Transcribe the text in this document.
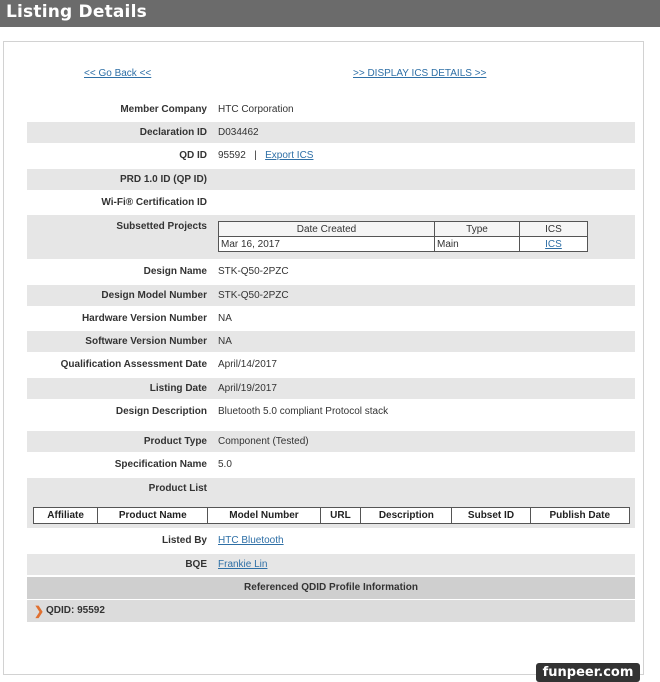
Listing Details
<< Go Back <<	>> DISPLAY ICS DETAILS >>
Member Company HTC Corporation
Declaration ID D034462
QD ID 95592 | Export ICS
PRD 1.0 ID (QP ID)
Wi-Fi® Certification ID
Subsetted Projects	Date Created	Type	ICS
Mar 16, 2017	Main	ICS
Design Name STK-Q50-2PZC
Design Model Number STK-Q50-2PZC
Hardware Version Number NA
Software Version Number NA
Qualification Assessment Date April/14/2017
Listing Date April/19/2017
Design Description Bluetooth 5.0 compliant Protocol stack
Product Type Component (Tested)
Specification Name 5.0
Product List
Affiliate	Product Name	Model Number	URL	Description	Subset ID	Publish Date
Listed By HTC Bluetooth
BQE Frankie Lin
Referenced QDID Profile Information
❯ QDID: 95592
funpeer.com
